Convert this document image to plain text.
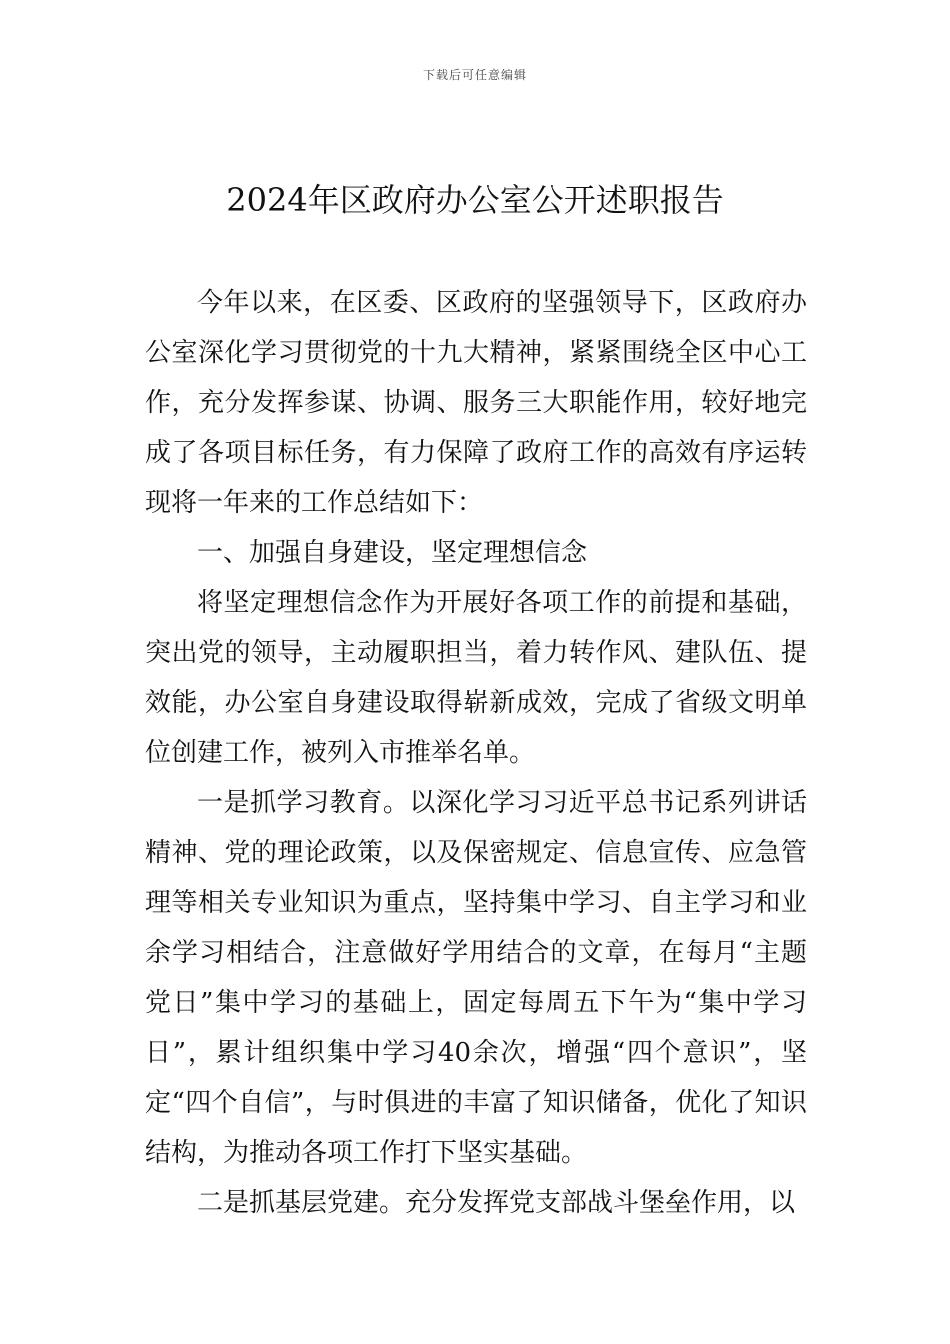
下载后可任意编辑
2024年区政府办公室公开述职报告

今年以来，在区委、区政府的坚强领导下，区政府办公室深化学习贯彻党的十九大精神，紧紧围绕全区中心工作，充分发挥参谋、协调、服务三大职能作用，较好地完成了各项目标任务，有力保障了政府工作的高效有序运转现将一年来的工作总结如下：

一、加强自身建设，坚定理想信念

将坚定理想信念作为开展好各项工作的前提和基础，突出党的领导，主动履职担当，着力转作风、建队伍、提效能，办公室自身建设取得崭新成效，完成了省级文明单位创建工作，被列入市推举名单。

一是抓学习教育。以深化学习习近平总书记系列讲话精神、党的理论政策，以及保密规定、信息宣传、应急管理等相关专业知识为重点，坚持集中学习、自主学习和业余学习相结合，注意做好学用结合的文章，在每月“主题党日”集中学习的基础上，固定每周五下午为“集中学习日”，累计组织集中学习40余次，增强“四个意识”，坚定“四个自信”，与时俱进的丰富了知识储备，优化了知识结构，为推动各项工作打下坚实基础。

二是抓基层党建。充分发挥党支部战斗堡垒作用，以
